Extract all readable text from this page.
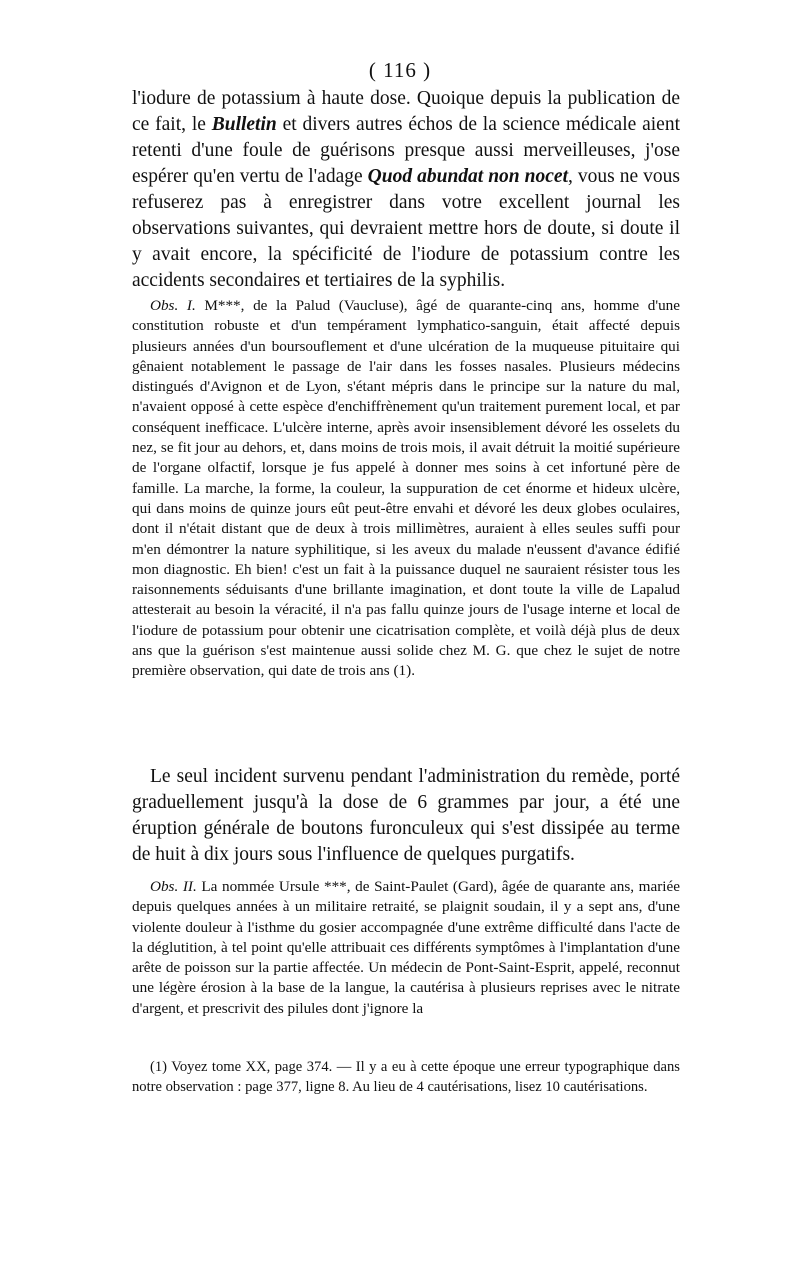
( 116 )

l'iodure de potassium à haute dose. Quoique depuis la publication de ce fait, le Bulletin et divers autres échos de la science médicale aient retenti d'une foule de guérisons presque aussi merveilleuses, j'ose espérer qu'en vertu de l'adage Quod abundat non nocet, vous ne vous refuserez pas à enregistrer dans votre excellent journal les observations suivantes, qui devraient mettre hors de doute, si doute il y avait encore, la spécificité de l'iodure de potassium contre les accidents secondaires et tertiaires de la syphilis.

Obs. I. M***, de la Palud (Vaucluse), âgé de quarante-cinq ans, homme d'une constitution robuste et d'un tempérament lymphatico-sanguin, était affecté depuis plusieurs années d'un boursouflement et d'une ulcération de la muqueuse pituitaire qui gênaient notablement le passage de l'air dans les fosses nasales. Plusieurs médecins distingués d'Avignon et de Lyon, s'étant mépris dans le principe sur la nature du mal, n'avaient opposé à cette espèce d'enchiffrènement qu'un traitement purement local, et par conséquent inefficace. L'ulcère interne, après avoir insensiblement dévoré les osselets du nez, se fit jour au dehors, et, dans moins de trois mois, il avait détruit la moitié supérieure de l'organe olfactif, lorsque je fus appelé à donner mes soins à cet infortuné père de famille. La marche, la forme, la couleur, la suppuration de cet énorme et hideux ulcère, qui dans moins de quinze jours eût peut-être envahi et dévoré les deux globes oculaires, dont il n'était distant que de deux à trois millimètres, auraient à elles seules suffi pour m'en démontrer la nature syphilitique, si les aveux du malade n'eussent d'avance édifié mon diagnostic. Eh bien! c'est un fait à la puissance duquel ne sauraient résister tous les raisonnements séduisants d'une brillante imagination, et dont toute la ville de Lapalud attesterait au besoin la véracité, il n'a pas fallu quinze jours de l'usage interne et local de l'iodure de potassium pour obtenir une cicatrisation complète, et voilà déjà plus de deux ans que la guérison s'est maintenue aussi solide chez M. G. que chez le sujet de notre première observation, qui date de trois ans (1).

Le seul incident survenu pendant l'administration du remède, porté graduellement jusqu'à la dose de 6 grammes par jour, a été une éruption générale de boutons furonculeux qui s'est dissipée au terme de huit à dix jours sous l'influence de quelques purgatifs.

Obs. II. La nommée Ursule ***, de Saint-Paulet (Gard), âgée de quarante ans, mariée depuis quelques années à un militaire retraité, se plaignit soudain, il y a sept ans, d'une violente douleur à l'isthme du gosier accompagnée d'une extrême difficulté dans l'acte de la déglutition, à tel point qu'elle attribuait ces différents symptômes à l'implantation d'une arête de poisson sur la partie affectée. Un médecin de Pont-Saint-Esprit, appelé, reconnut une légère érosion à la base de la langue, la cautérisa à plusieurs reprises avec le nitrate d'argent, et prescrivit des pilules dont j'ignore la

(1) Voyez tome XX, page 374. — Il y a eu à cette époque une erreur typographique dans notre observation : page 377, ligne 8. Au lieu de 4 cautérisations, lisez 10 cautérisations.
